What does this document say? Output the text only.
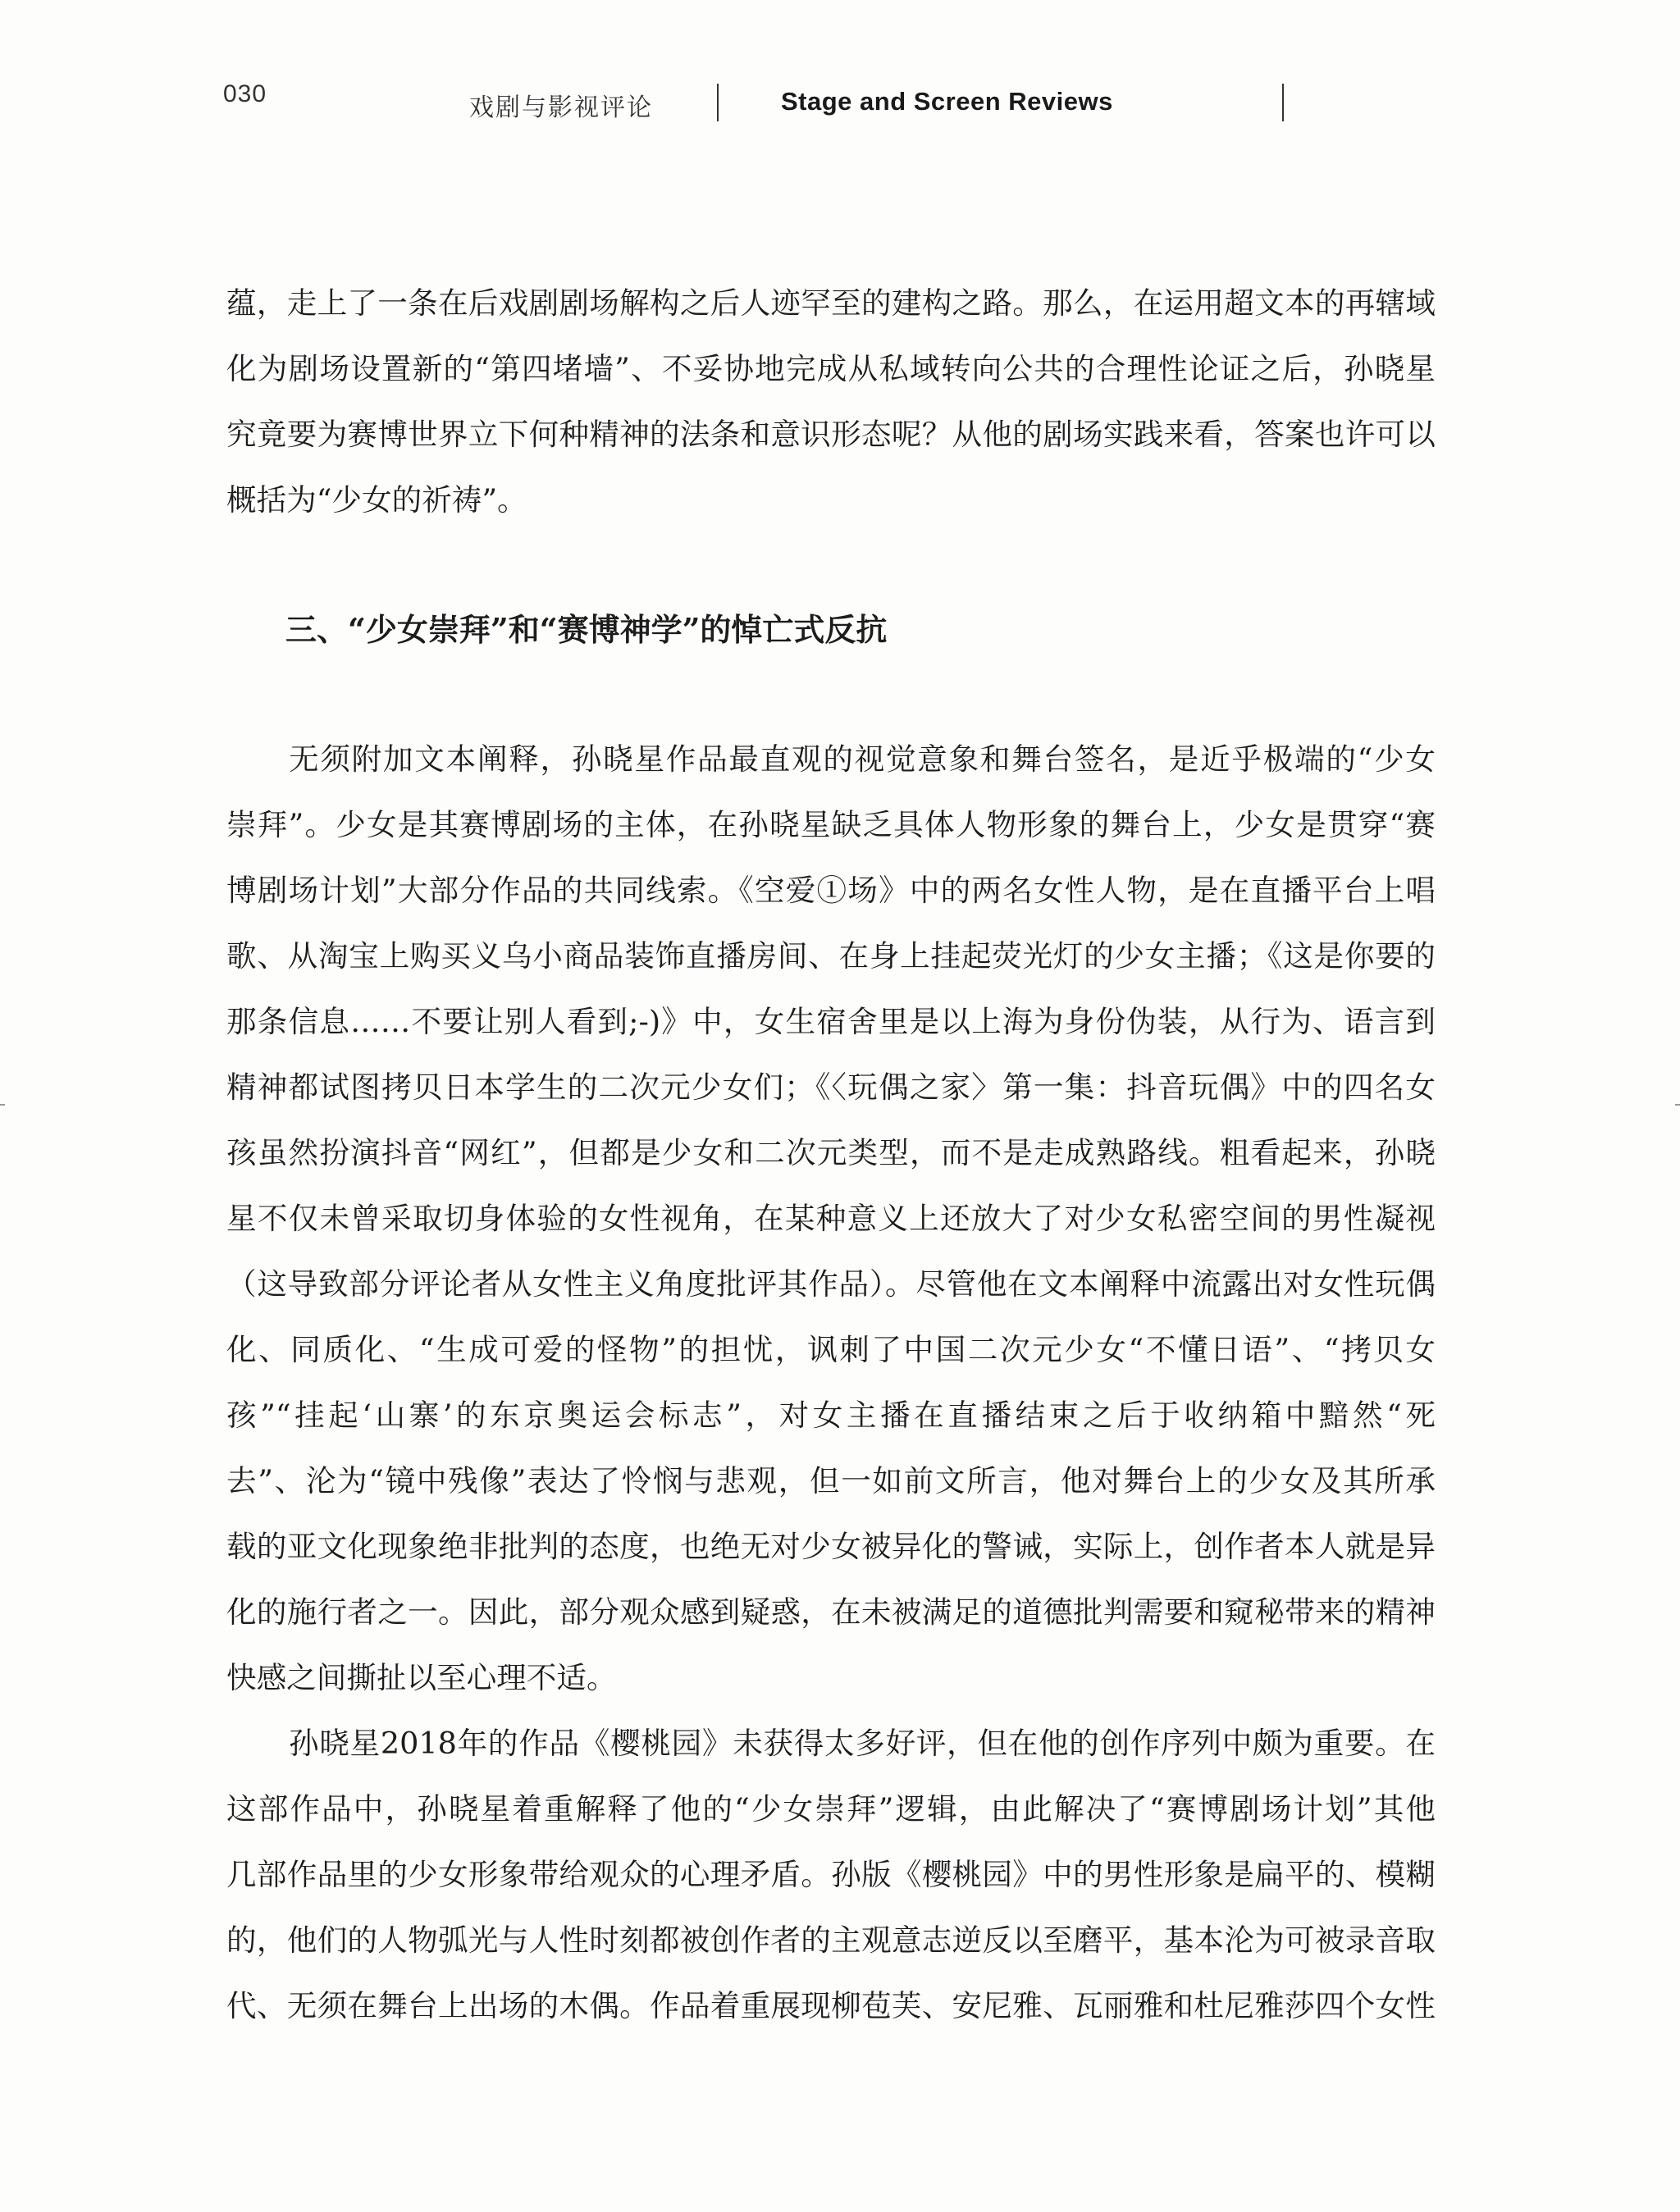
030	戏剧与影视评论	Stage and Screen Reviews
蕴，走上了一条在后戏剧剧场解构之后人迹罕至的建构之路。那么，在运用超文本的再辖域
化为剧场设置新的“第四堵墙”、不妥协地完成从私域转向公共的合理性论证之后，孙晓星
究竟要为赛博世界立下何种精神的法条和意识形态呢？从他的剧场实践来看，答案也许可以
概括为“少女的祈祷”。
三、“少女崇拜”和“赛博神学”的悼亡式反抗
无须附加文本阐释，孙晓星作品最直观的视觉意象和舞台签名，是近乎极端的“少女
崇拜”。少女是其赛博剧场的主体，在孙晓星缺乏具体人物形象的舞台上，少女是贯穿“赛
博剧场计划”大部分作品的共同线索。《空爱①场》中的两名女性人物，是在直播平台上唱
歌、从淘宝上购买义乌小商品装饰直播房间、在身上挂起荧光灯的少女主播；《这是你要的
那条信息……不要让别人看到;-)》中，女生宿舍里是以上海为身份伪装，从行为、语言到
精神都试图拷贝日本学生的二次元少女们；《〈玩偶之家〉第一集：抖音玩偶》中的四名女
孩虽然扮演抖音“网红”，但都是少女和二次元类型，而不是走成熟路线。粗看起来，孙晓
星不仅未曾采取切身体验的女性视角，在某种意义上还放大了对少女私密空间的男性凝视
（这导致部分评论者从女性主义角度批评其作品）。尽管他在文本阐释中流露出对女性玩偶
化、同质化、“生成可爱的怪物”的担忧，讽刺了中国二次元少女“不懂日语”、“拷贝女
孩”“挂起‘山寨’的东京奥运会标志”，对女主播在直播结束之后于收纳箱中黯然“死
去”、沦为“镜中残像”表达了怜悯与悲观，但一如前文所言，他对舞台上的少女及其所承
载的亚文化现象绝非批判的态度，也绝无对少女被异化的警诫，实际上，创作者本人就是异
化的施行者之一。因此，部分观众感到疑惑，在未被满足的道德批判需要和窥秘带来的精神
快感之间撕扯以至心理不适。
孙晓星2018年的作品《樱桃园》未获得太多好评，但在他的创作序列中颇为重要。在
这部作品中，孙晓星着重解释了他的“少女崇拜”逻辑，由此解决了“赛博剧场计划”其他
几部作品里的少女形象带给观众的心理矛盾。孙版《樱桃园》中的男性形象是扁平的、模糊
的，他们的人物弧光与人性时刻都被创作者的主观意志逆反以至磨平，基本沦为可被录音取
代、无须在舞台上出场的木偶。作品着重展现柳苞芙、安尼雅、瓦丽雅和杜尼雅莎四个女性
